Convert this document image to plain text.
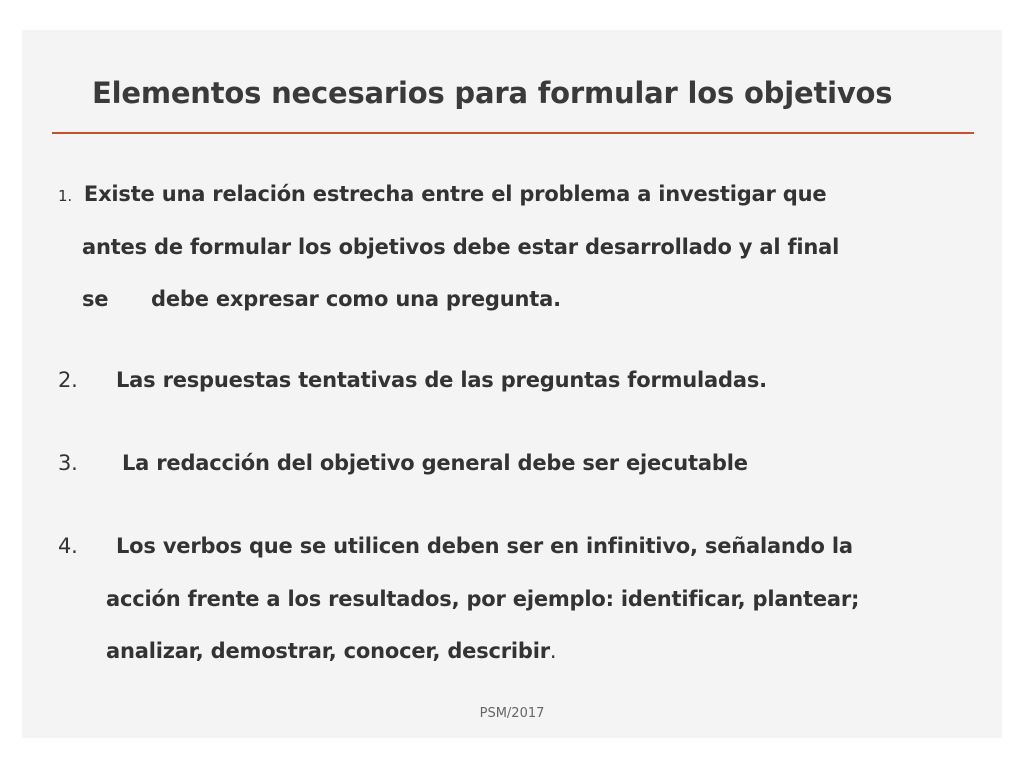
Elementos necesarios para formular los objetivos

1. Existe una relación estrecha entre el problema a investigar que

antes de formular los objetivos debe estar desarrollado y al final

se      debe expresar como una pregunta.

2. Las respuestas tentativas de las preguntas formuladas.

3. La redacción del objetivo general debe ser ejecutable

4. Los verbos que se utilicen deben ser en infinitivo, señalando la

acción frente a los resultados, por ejemplo: identificar, plantear;

analizar, demostrar, conocer, describir.

PSM/2017
